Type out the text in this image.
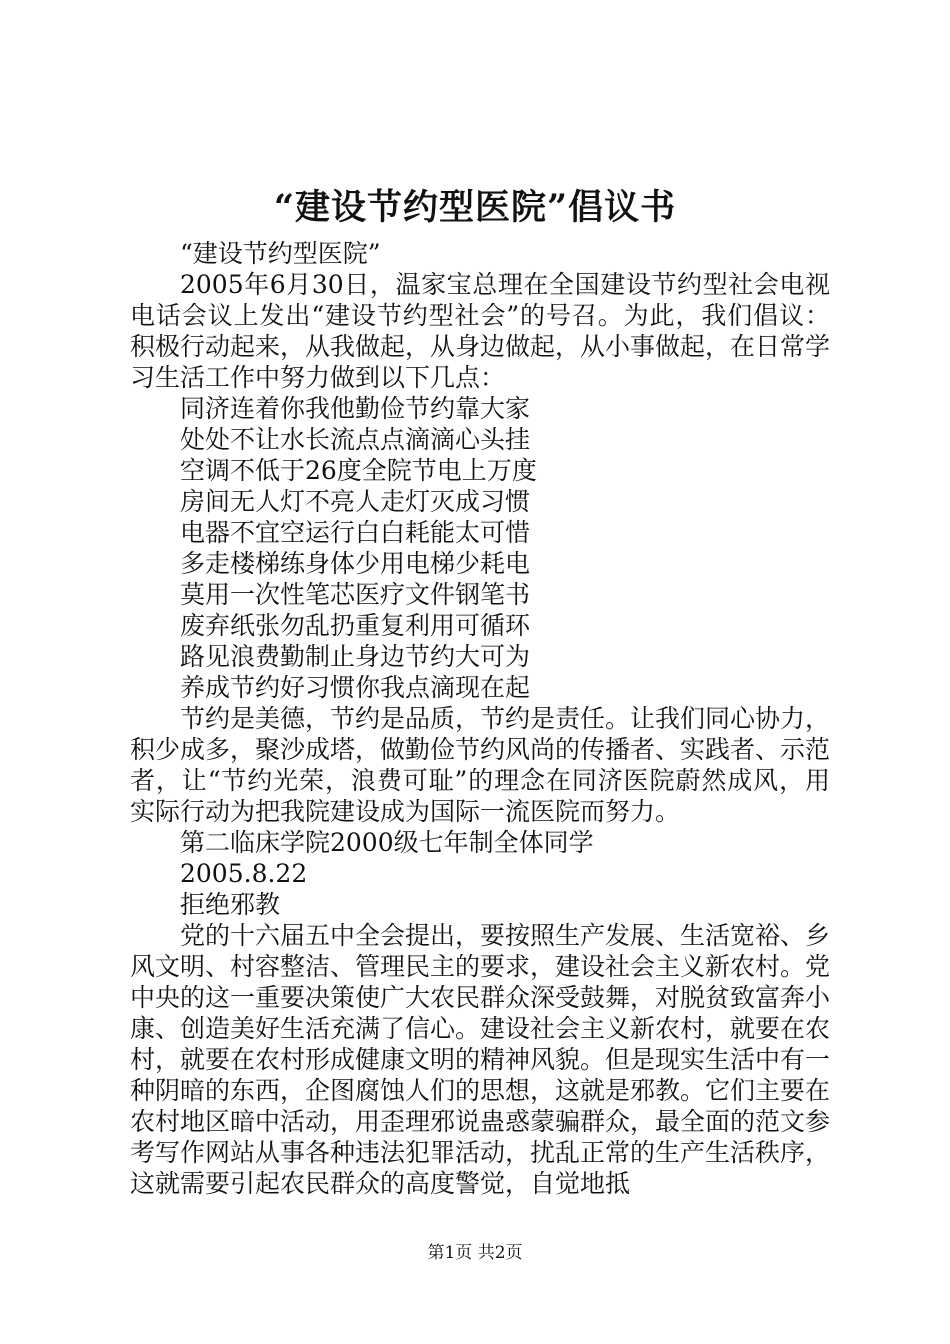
“建设节约型医院”倡议书

“建设节约型医院”

2005年6月30日，温家宝总理在全国建设节约型社会电视电话会议上发出“建设节约型社会”的号召。为此，我们倡议：积极行动起来，从我做起，从身边做起，从小事做起，在日常学习生活工作中努力做到以下几点：

同济连着你我他勤俭节约靠大家

处处不让水长流点点滴滴心头挂

空调不低于26度全院节电上万度

房间无人灯不亮人走灯灭成习惯

电器不宜空运行白白耗能太可惜

多走楼梯练身体少用电梯少耗电

莫用一次性笔芯医疗文件钢笔书

废弃纸张勿乱扔重复利用可循环

路见浪费勤制止身边节约大可为

养成节约好习惯你我点滴现在起

节约是美德，节约是品质，节约是责任。让我们同心协力，积少成多，聚沙成塔，做勤俭节约风尚的传播者、实践者、示范者，让“节约光荣，浪费可耻”的理念在同济医院蔚然成风，用实际行动为把我院建设成为国际一流医院而努力。

第二临床学院2000级七年制全体同学

2005.8.22

拒绝邪教

党的十六届五中全会提出，要按照生产发展、生活宽裕、乡风文明、村容整洁、管理民主的要求，建设社会主义新农村。党中央的这一重要决策使广大农民群众深受鼓舞，对脱贫致富奔小康、创造美好生活充满了信心。建设社会主义新农村，就要在农村，就要在农村形成健康文明的精神风貌。但是现实生活中有一种阴暗的东西，企图腐蚀人们的思想，这就是邪教。它们主要在农村地区暗中活动，用歪理邪说蛊惑蒙骗群众，最全面的范文参考写作网站从事各种违法犯罪活动，扰乱正常的生产生活秩序，这就需要引起农民群众的高度警觉，自觉地抵

第1页 共2页
